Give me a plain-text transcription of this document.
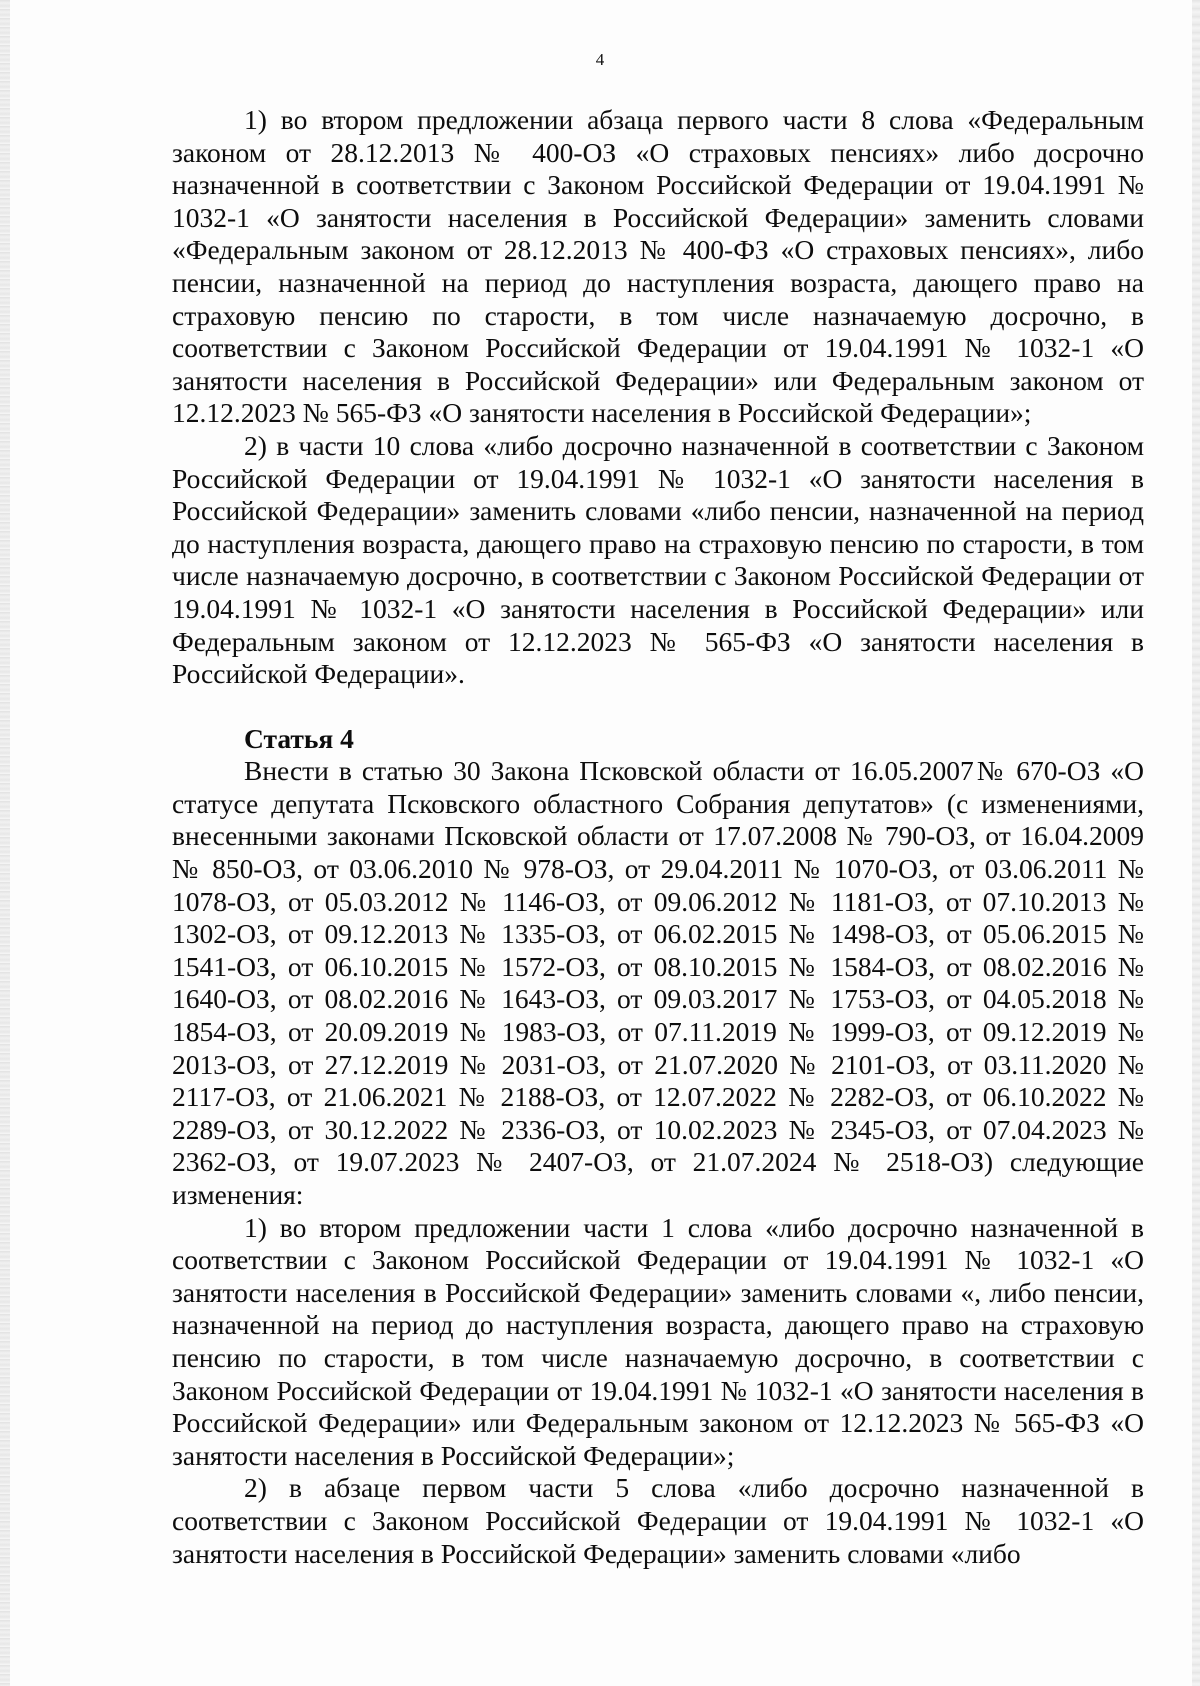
4

1) во втором предложении абзаца первого части 8 слова «Федеральным законом от 28.12.2013 № 400-ОЗ «О страховых пенсиях» либо досрочно назначенной в соответствии с Законом Российской Федерации от 19.04.1991 № 1032-1 «О занятости населения в Российской Федерации» заменить словами «Федеральным законом от 28.12.2013 № 400-ФЗ «О страховых пенсиях», либо пенсии, назначенной на период до наступления возраста, дающего право на страховую пенсию по старости, в том числе назначаемую досрочно, в соответствии с Законом Российской Федерации от 19.04.1991 № 1032-1 «О занятости населения в Российской Федерации» или Федеральным законом от 12.12.2023 № 565-ФЗ «О занятости населения в Российской Федерации»;

2) в части 10 слова «либо досрочно назначенной в соответствии с Законом Российской Федерации от 19.04.1991 № 1032-1 «О занятости населения в Российской Федерации» заменить словами «либо пенсии, назначенной на период до наступления возраста, дающего право на страховую пенсию по старости, в том числе назначаемую досрочно, в соответствии с Законом Российской Федерации от 19.04.1991 № 1032-1 «О занятости населения в Российской Федерации» или Федеральным законом от 12.12.2023 № 565-ФЗ «О занятости населения в Российской Федерации».

Статья 4

Внести в статью 30 Закона Псковской области от 16.05.2007№ 670-ОЗ «О статусе депутата Псковского областного Собрания депутатов» (с изменениями, внесенными законами Псковской области от 17.07.2008 № 790-ОЗ, от 16.04.2009 № 850-ОЗ, от 03.06.2010 № 978-ОЗ, от 29.04.2011 № 1070-ОЗ, от 03.06.2011 № 1078-ОЗ, от 05.03.2012 № 1146-ОЗ, от 09.06.2012 № 1181-ОЗ, от 07.10.2013 № 1302-ОЗ, от 09.12.2013 № 1335-ОЗ, от 06.02.2015 № 1498-ОЗ, от 05.06.2015 № 1541-ОЗ, от 06.10.2015 № 1572-ОЗ, от 08.10.2015 № 1584-ОЗ, от 08.02.2016 № 1640-ОЗ, от 08.02.2016 № 1643-ОЗ, от 09.03.2017 № 1753-ОЗ, от 04.05.2018 № 1854-ОЗ, от 20.09.2019 № 1983-ОЗ, от 07.11.2019 № 1999-ОЗ, от 09.12.2019 № 2013-ОЗ, от 27.12.2019 № 2031-ОЗ, от 21.07.2020 № 2101-ОЗ, от 03.11.2020 № 2117-ОЗ, от 21.06.2021 № 2188-ОЗ, от 12.07.2022 № 2282-ОЗ, от 06.10.2022 № 2289-ОЗ, от 30.12.2022 № 2336-ОЗ, от 10.02.2023 № 2345-ОЗ, от 07.04.2023 № 2362-ОЗ, от 19.07.2023 № 2407-ОЗ, от 21.07.2024 № 2518-ОЗ) следующие изменения:

1) во втором предложении части 1 слова «либо досрочно назначенной в соответствии с Законом Российской Федерации от 19.04.1991 № 1032-1 «О занятости населения в Российской Федерации» заменить словами «, либо пенсии, назначенной на период до наступления возраста, дающего право на страховую пенсию по старости, в том числе назначаемую досрочно, в соответствии с Законом Российской Федерации от 19.04.1991 № 1032-1 «О занятости населения в Российской Федерации» или Федеральным законом от 12.12.2023 № 565-ФЗ «О занятости населения в Российской Федерации»;

2) в абзаце первом части 5 слова «либо досрочно назначенной в соответствии с Законом Российской Федерации от 19.04.1991 № 1032-1 «О занятости населения в Российской Федерации» заменить словами «либо
